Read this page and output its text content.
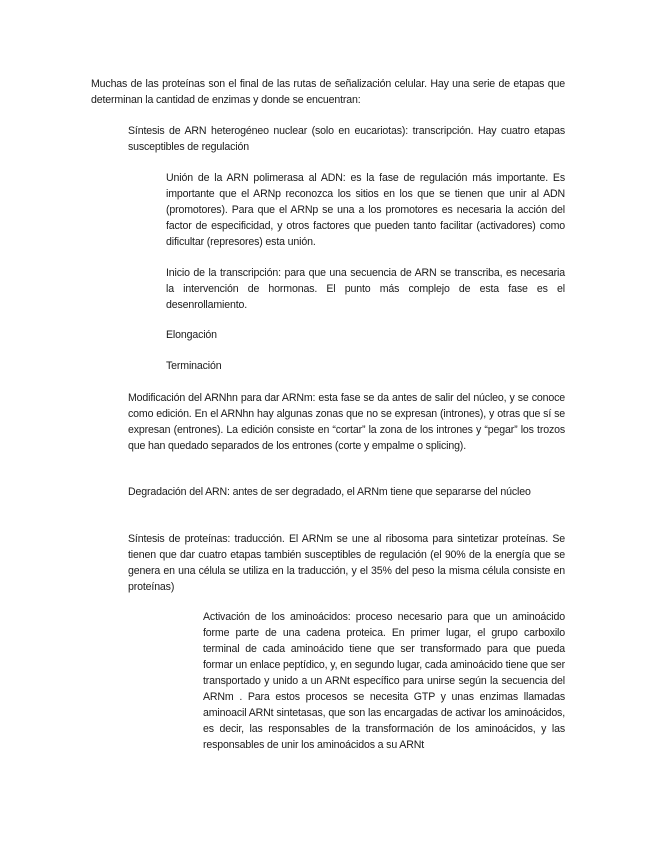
Muchas de las proteínas son el final de las rutas de señalización celular. Hay una serie de etapas que determinan la cantidad de enzimas y donde se encuentran:

Síntesis de ARN heterogéneo nuclear (solo en eucariotas): transcripción. Hay cuatro etapas susceptibles de regulación

Unión de la ARN polimerasa al ADN: es la fase de regulación más importante. Es importante que el ARNp reconozca los sitios en los que se tienen que unir al ADN (promotores). Para que el ARNp se una a los promotores es necesaria la acción del factor de especificidad, y otros factores que pueden tanto facilitar (activadores) como dificultar (represores) esta unión.

Inicio de la transcripción: para que una secuencia de ARN se transcriba, es necesaria la intervención de hormonas. El punto más complejo de esta fase es el desenrollamiento.

Elongación

Terminación

Modificación del ARNhn para dar ARNm: esta fase se da antes de salir del núcleo, y se conoce como edición. En el ARNhn hay algunas zonas que no se expresan (intrones), y otras que sí se expresan (entrones). La edición consiste en “cortar” la zona de los intrones y “pegar” los trozos que han quedado separados de los entrones (corte y empalme o splicing).

Degradación del ARN: antes de ser degradado, el ARNm tiene que separarse del núcleo

Síntesis de proteínas: traducción. El ARNm se une al ribosoma para sintetizar proteínas. Se tienen que dar cuatro etapas también susceptibles de regulación (el 90% de la energía que se genera en una célula se utiliza en la traducción, y el 35% del peso la misma célula consiste en proteínas)

Activación de los aminoácidos: proceso necesario para que un aminoácido forme parte de una cadena proteica. En primer lugar, el grupo carboxilo terminal de cada aminoácido tiene que ser transformado para que pueda formar un enlace peptídico, y, en segundo lugar, cada aminoácido tiene que ser transportado y unido a un ARNt específico para unirse según la secuencia del ARNm . Para estos procesos se necesita GTP y unas enzimas llamadas aminoacil ARNt sintetasas, que son las encargadas de activar los aminoácidos, es decir, las responsables de la transformación de los aminoácidos, y las responsables de unir los aminoácidos a su ARNt
